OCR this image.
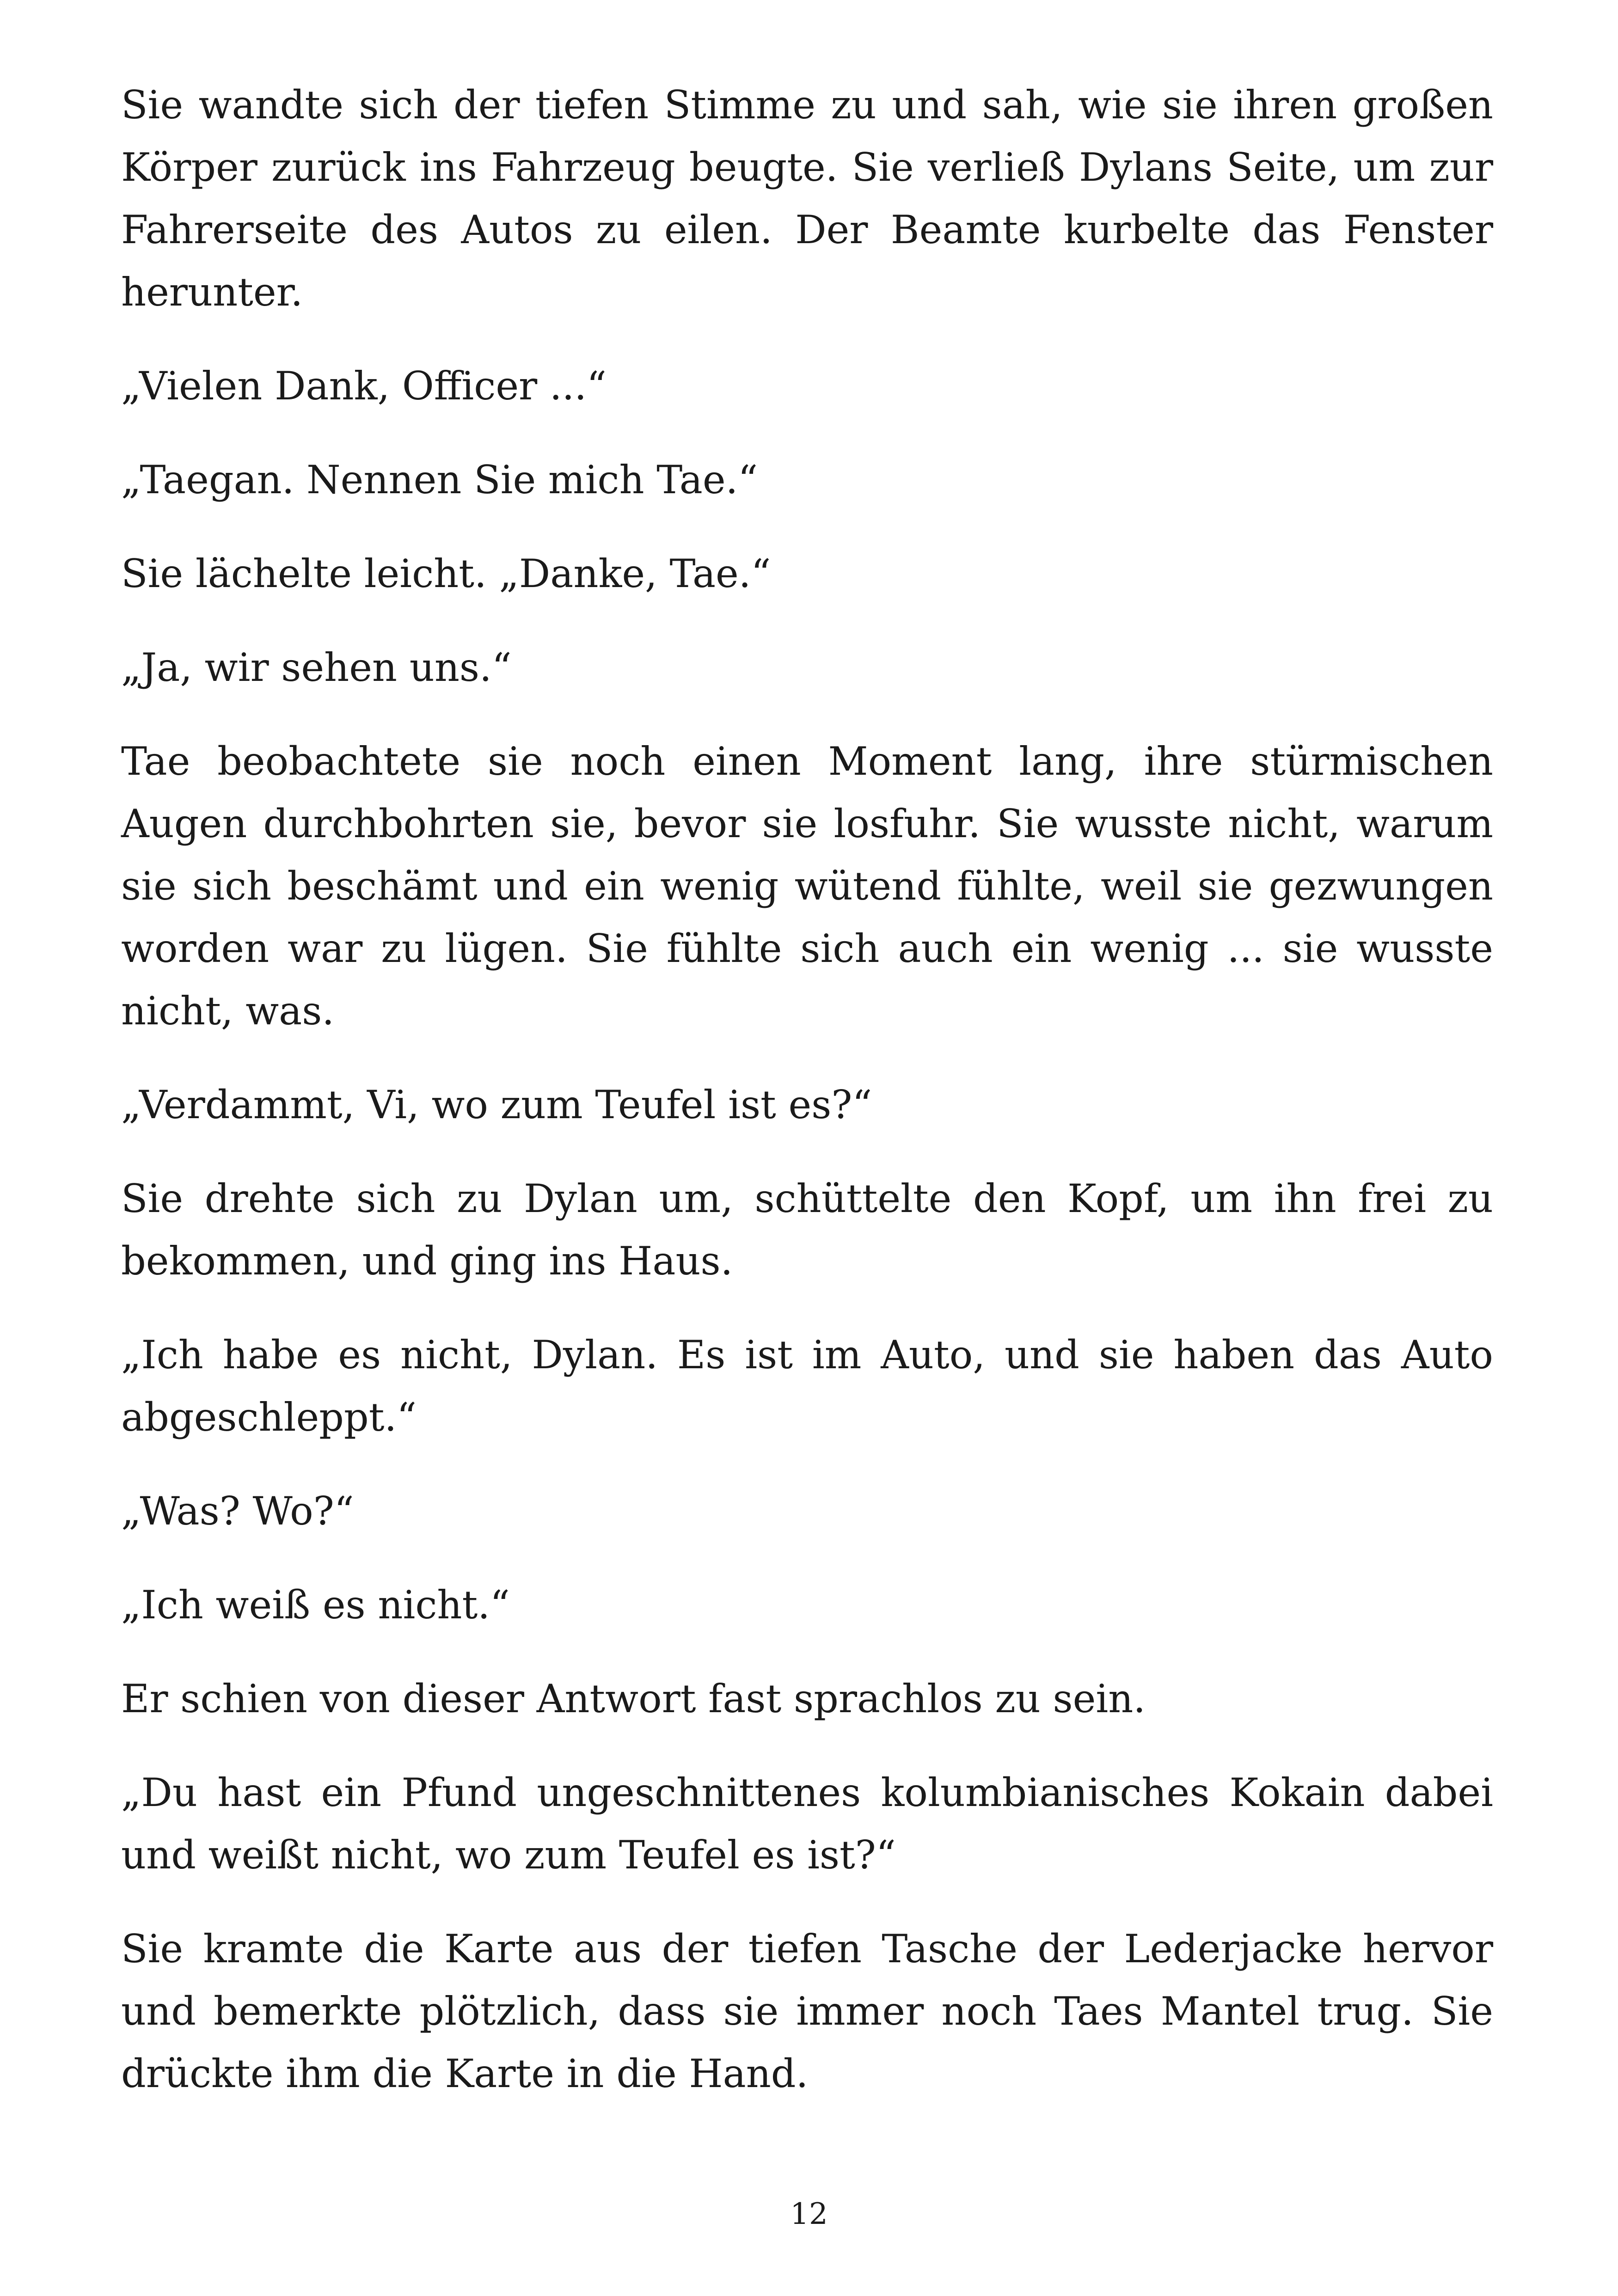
Sie wandte sich der tiefen Stimme zu und sah, wie sie ihren großen Körper zurück ins Fahrzeug beugte. Sie verließ Dylans Seite, um zur Fahrerseite des Autos zu eilen. Der Beamte kurbelte das Fenster herunter.

„Vielen Dank, Officer ...“

„Taegan. Nennen Sie mich Tae.“

Sie lächelte leicht. „Danke, Tae.“

„Ja, wir sehen uns.“

Tae beobachtete sie noch einen Moment lang, ihre stürmischen Augen durchbohrten sie, bevor sie losfuhr. Sie wusste nicht, warum sie sich beschämt und ein wenig wütend fühlte, weil sie gezwungen worden war zu lügen. Sie fühlte sich auch ein wenig ... sie wusste nicht, was.

„Verdammt, Vi, wo zum Teufel ist es?“

Sie drehte sich zu Dylan um, schüttelte den Kopf, um ihn frei zu bekommen, und ging ins Haus.

„Ich habe es nicht, Dylan. Es ist im Auto, und sie haben das Auto abgeschleppt.“

„Was? Wo?“

„Ich weiß es nicht.“

Er schien von dieser Antwort fast sprachlos zu sein.

„Du hast ein Pfund ungeschnittenes kolumbianisches Kokain dabei und weißt nicht, wo zum Teufel es ist?“

Sie kramte die Karte aus der tiefen Tasche der Lederjacke hervor und bemerkte plötzlich, dass sie immer noch Taes Mantel trug. Sie drückte ihm die Karte in die Hand.

12
